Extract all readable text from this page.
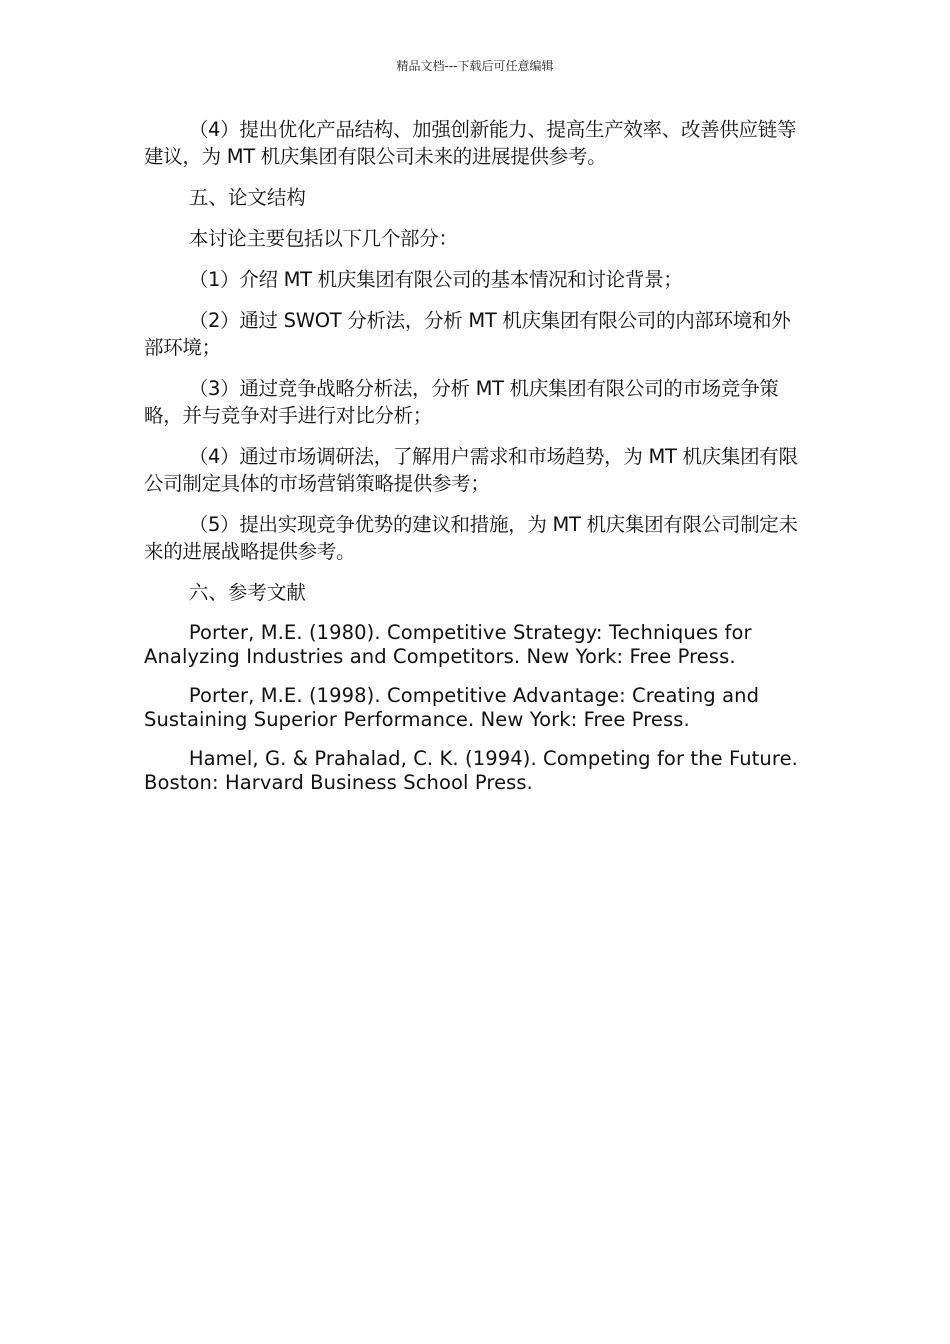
精品文档---下载后可任意编辑

（4）提出优化产品结构、加强创新能力、提高生产效率、改善供应链等建议，为 MT 机庆集团有限公司未来的进展提供参考。

五、论文结构

本讨论主要包括以下几个部分：

（1）介绍 MT 机庆集团有限公司的基本情况和讨论背景；

（2）通过 SWOT 分析法，分析 MT 机庆集团有限公司的内部环境和外部环境；

（3）通过竞争战略分析法，分析 MT 机庆集团有限公司的市场竞争策略，并与竞争对手进行对比分析；

（4）通过市场调研法，了解用户需求和市场趋势，为 MT 机庆集团有限公司制定具体的市场营销策略提供参考；

（5）提出实现竞争优势的建议和措施，为 MT 机庆集团有限公司制定未来的进展战略提供参考。

六、参考文献

Porter, M.E. (1980). Competitive Strategy: Techniques for Analyzing Industries and Competitors. New York: Free Press.

Porter, M.E. (1998). Competitive Advantage: Creating and Sustaining Superior Performance. New York: Free Press.

Hamel, G. & Prahalad, C. K. (1994). Competing for the Future. Boston: Harvard Business School Press.
